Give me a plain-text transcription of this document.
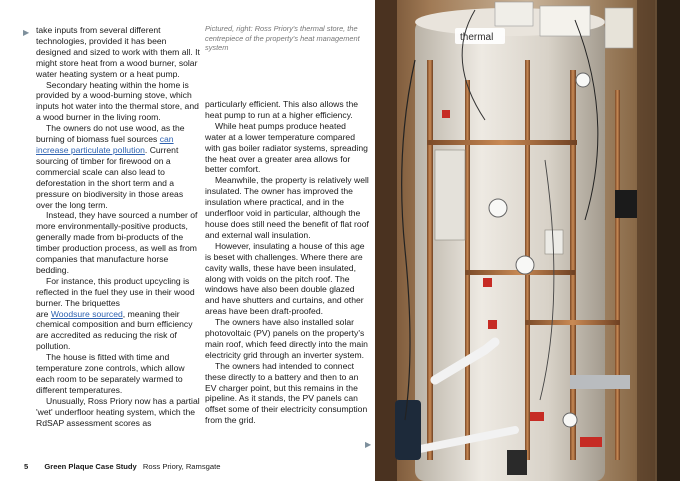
▶ take inputs from several different technologies, provided it has been designed and sized to work with them all. It might store heat from a wood burner, solar water heating system or a heat pump.

Secondary heating within the home is provided by a wood-burning stove, which inputs hot water into the thermal store, and a wood burner in the living room.

The owners do not use wood, as the burning of biomass fuel sources can increase particulate pollution. Current sourcing of timber for firewood on a commercial scale can also lead to deforestation in the short term and a pressure on biodiversity in those areas over the long term.

Instead, they have sourced a number of more environmentally-positive products, generally made from bi-products of the timber production process, as well as from companies that manufacture horse bedding.

For instance, this product upcycling is reflected in the fuel they use in their wood burner. The briquettes

are Woodsure sourced, meaning their chemical composition and burn efficiency are accredited as reducing the risk of pollution.

The house is fitted with time and temperature zone controls, which allow each room to be separately warmed to different temperatures.

Unusually, Ross Priory now has a partial 'wet' underfloor heating system, which the RdSAP assessment scores as

Pictured, right: Ross Priory's thermal store, the centrepiece of the property's heat management system

particularly efficient. This also allows the heat pump to run at a higher efficiency.

While heat pumps produce heated water at a lower temperature compared with gas boiler radiator systems, spreading the heat over a greater area allows for better comfort.

Meanwhile, the property is relatively well insulated. The owner has improved the insulation where practical, and in the underfloor void in particular, although the house does still need the benefit of flat roof and external wall insulation.

However, insulating a house of this age is beset with challenges. Where there are cavity walls, these have been insulated, along with voids on the pitch roof. The windows have also been double glazed and have shutters and curtains, and other areas have been draft-proofed.

The owners have also installed solar photovoltaic (PV) panels on the property's main roof, which feed directly into the main electricity grid through an inverter system.

The owners had intended to connect these directly to a battery and then to an EV charger point, but this remains in the pipeline. As it stands, the PV panels can offset some of their electricity consumption from the grid.

▶
5 Green Plaque Case Study Ross Priory, Ramsgate
thermal
